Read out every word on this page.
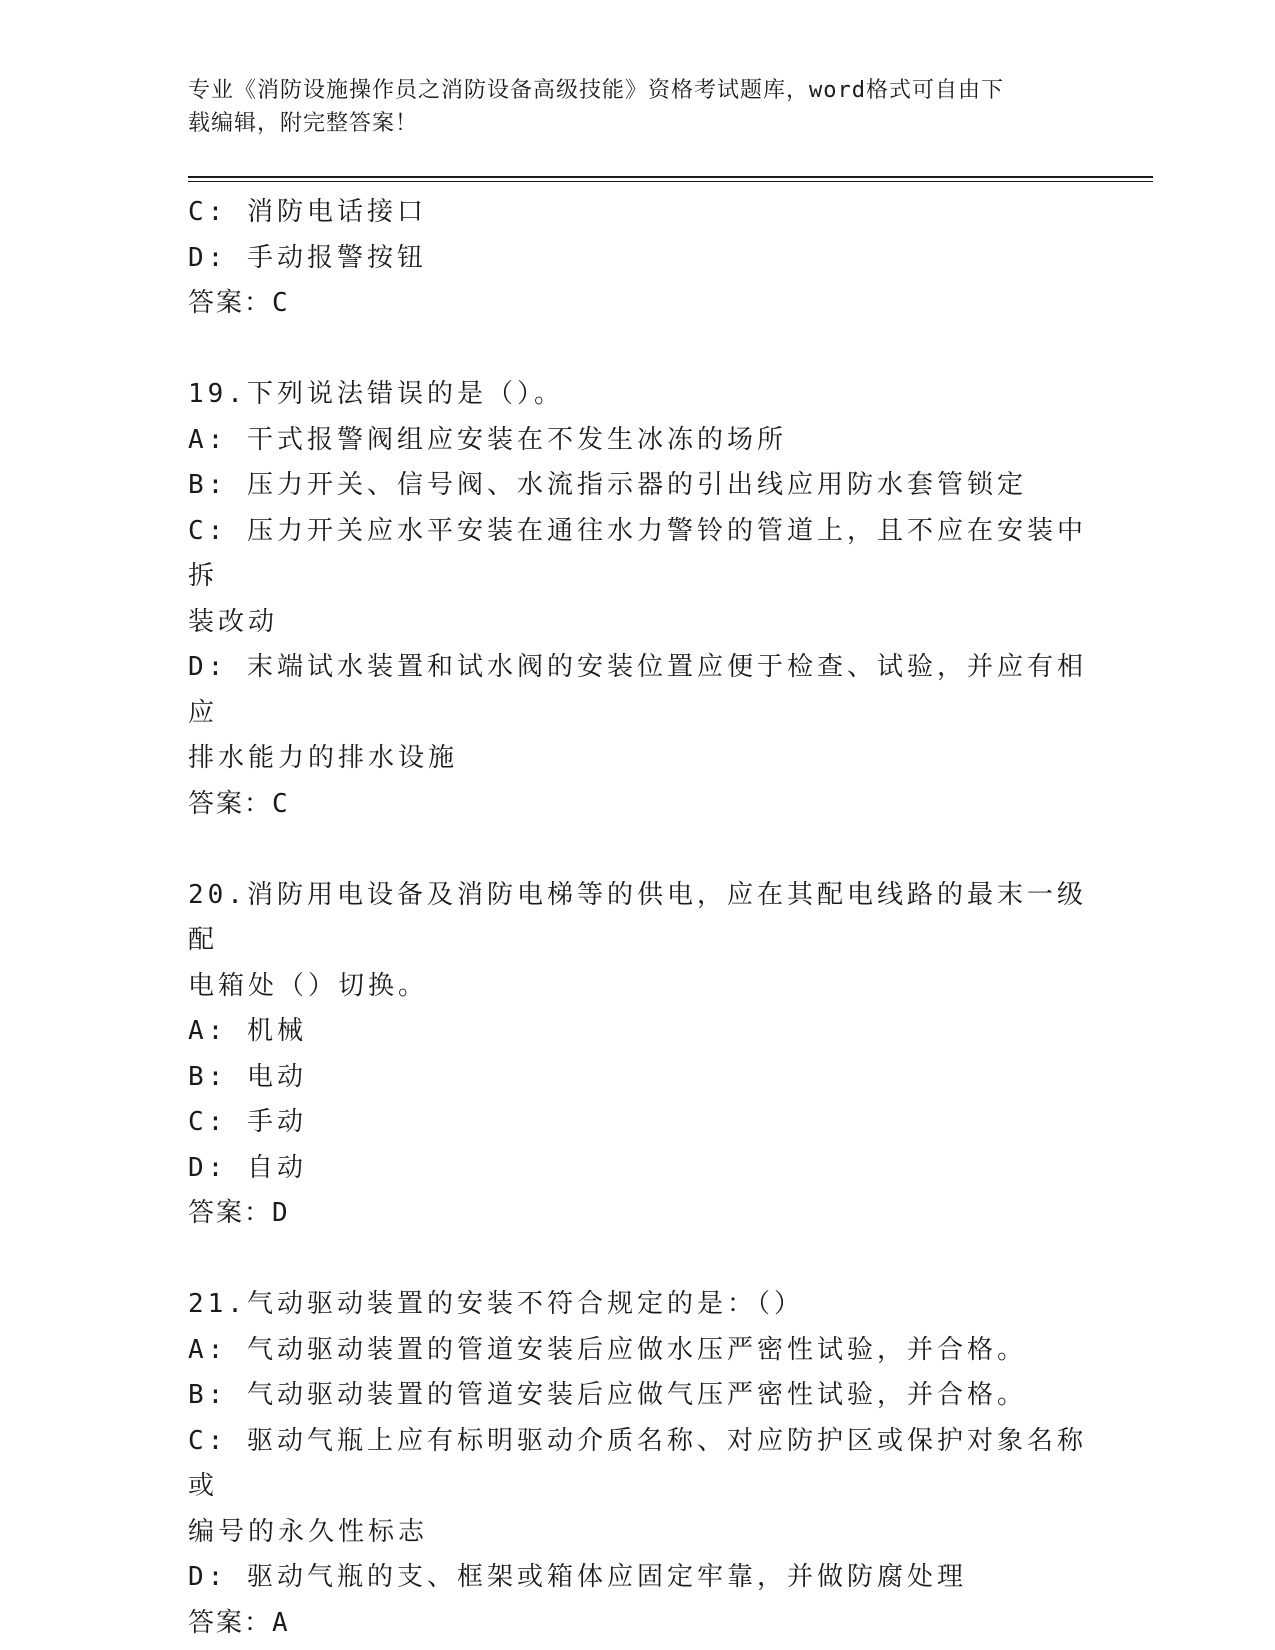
专业《消防设施操作员之消防设备高级技能》资格考试题库，word格式可自由下
载编辑，附完整答案！
C: 消防电话接口
D: 手动报警按钮
答案：C
19.下列说法错误的是（）。
A: 干式报警阀组应安装在不发生冰冻的场所
B: 压力开关、信号阀、水流指示器的引出线应用防水套管锁定
C: 压力开关应水平安装在通往水力警铃的管道上，且不应在安装中拆
装改动
D: 末端试水装置和试水阀的安装位置应便于检查、试验，并应有相应
排水能力的排水设施
答案：C
20.消防用电设备及消防电梯等的供电，应在其配电线路的最末一级配
电箱处（）切换。
A: 机械
B: 电动
C: 手动
D: 自动
答案：D
21.气动驱动装置的安装不符合规定的是：（）
A: 气动驱动装置的管道安装后应做水压严密性试验，并合格。
B: 气动驱动装置的管道安装后应做气压严密性试验，并合格。
C: 驱动气瓶上应有标明驱动介质名称、对应防护区或保护对象名称或
编号的永久性标志
D: 驱动气瓶的支、框架或箱体应固定牢靠，并做防腐处理
答案：A
